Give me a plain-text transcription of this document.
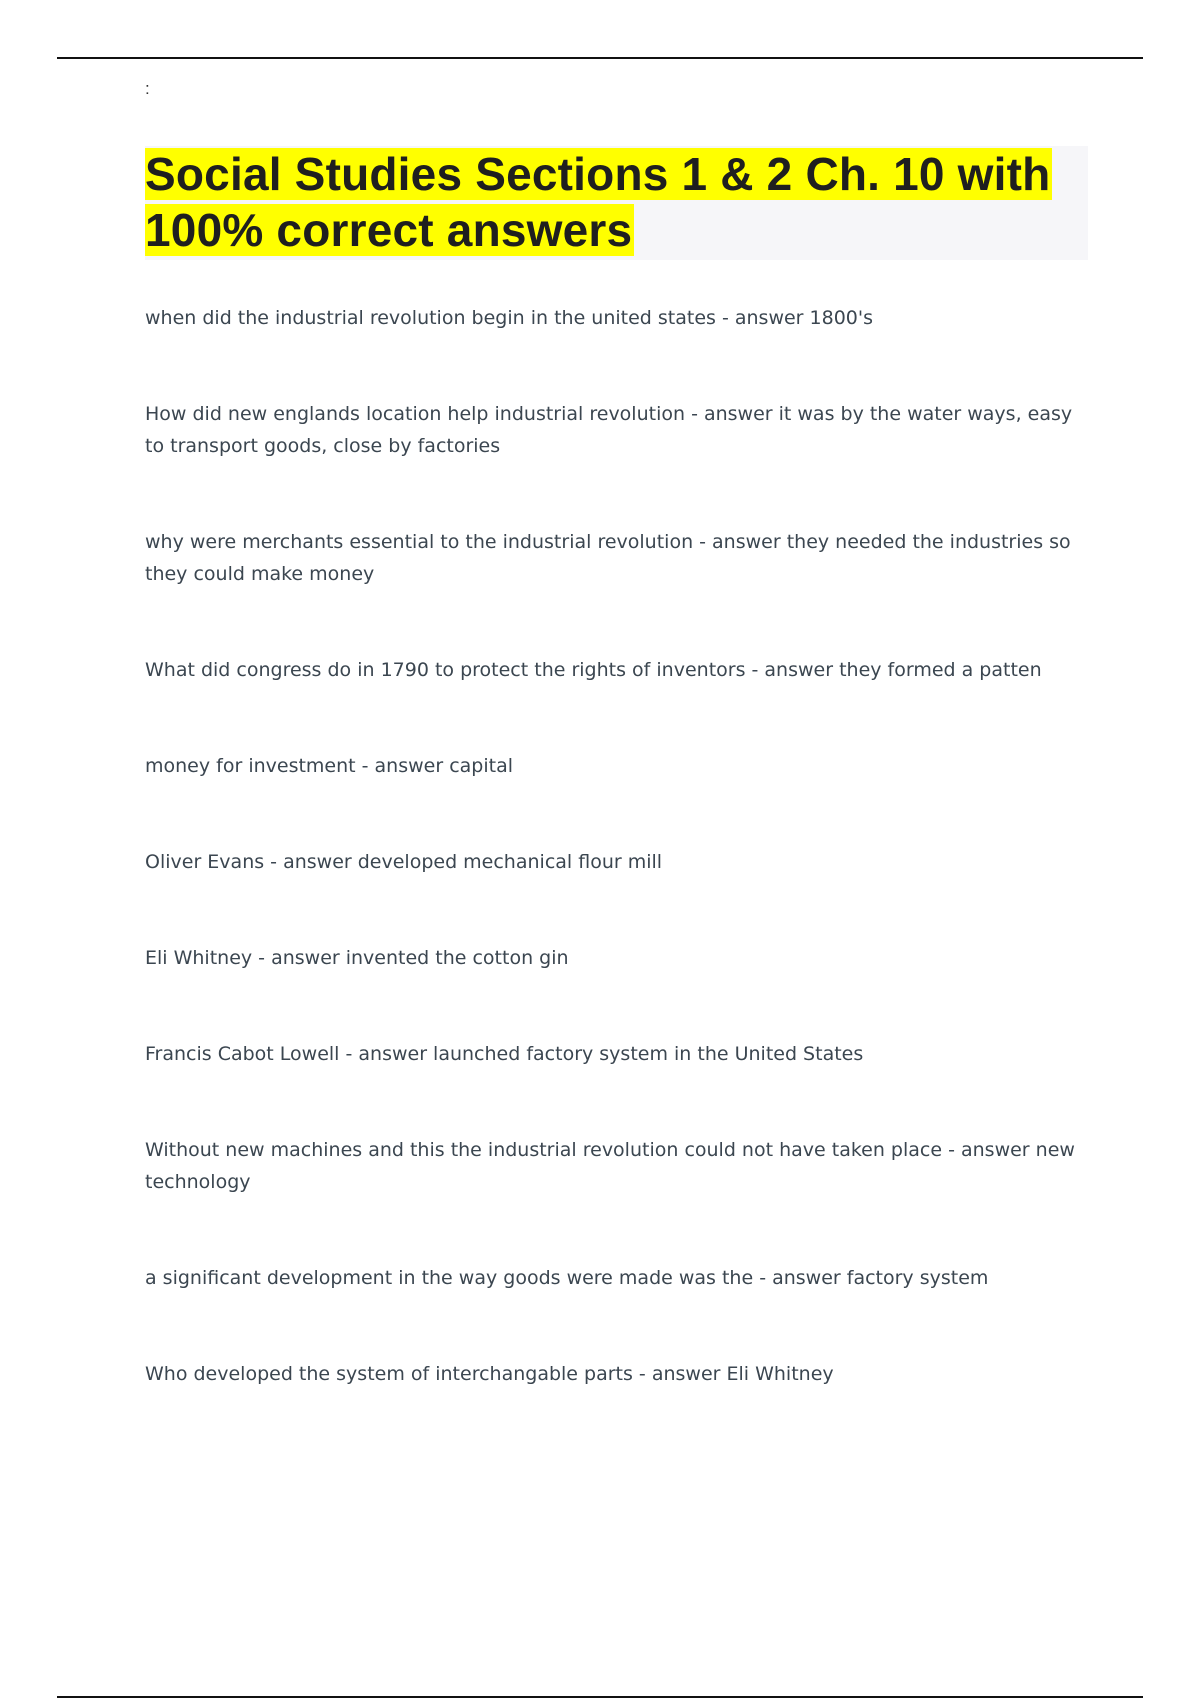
:
Social Studies Sections 1 & 2 Ch. 10 with 100% correct answers

when did the industrial revolution begin in the united states - answer 1800's

How did new englands location help industrial revolution - answer it was by the water ways, easy to transport goods, close by factories

why were merchants essential to the industrial revolution - answer they needed the industries so they could make money

What did congress do in 1790 to protect the rights of inventors - answer they formed a patten

money for investment - answer capital

Oliver Evans - answer developed mechanical flour mill

Eli Whitney - answer invented the cotton gin

Francis Cabot Lowell - answer launched factory system in the United States

Without new machines and this the industrial revolution could not have taken place - answer new technology

a significant development in the way goods were made was the - answer factory system

Who developed the system of interchangable parts - answer Eli Whitney
